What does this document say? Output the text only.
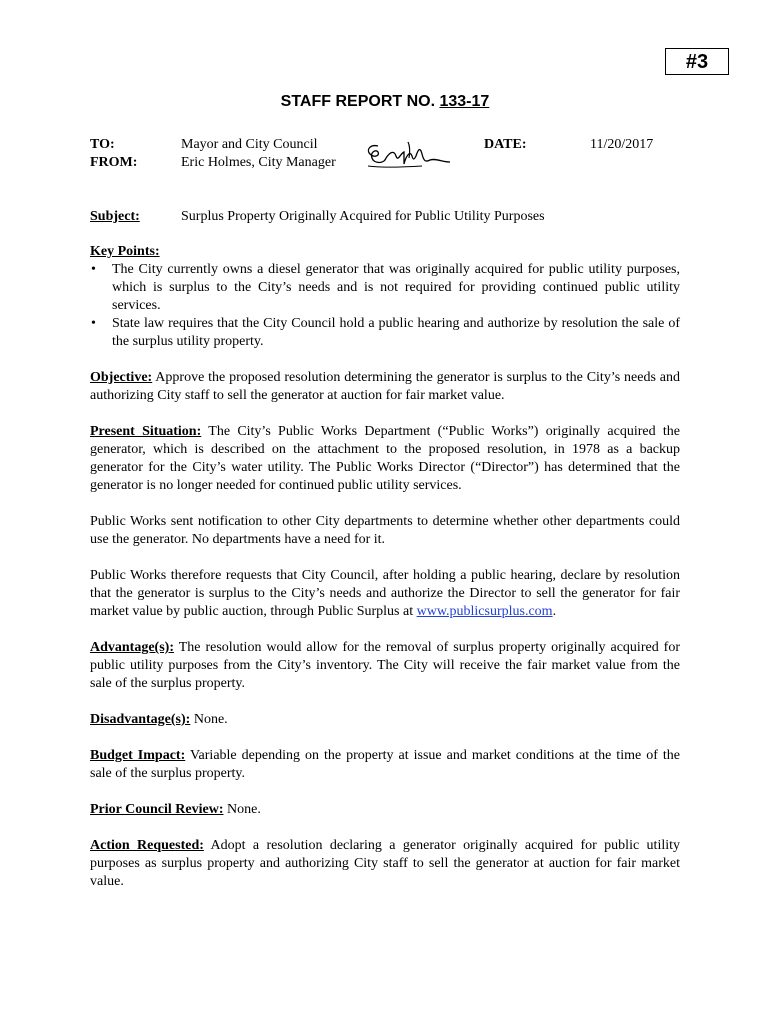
#3
STAFF REPORT NO. 133-17
TO:	Mayor and City Council
FROM:	Eric Holmes, City Manager
DATE:	11/20/2017
Subject:	Surplus Property Originally Acquired for Public Utility Purposes
Key Points:
• The City currently owns a diesel generator that was originally acquired for public utility purposes, which is surplus to the City’s needs and is not required for providing continued public utility services.
• State law requires that the City Council hold a public hearing and authorize by resolution the sale of the surplus utility property.

Objective: Approve the proposed resolution determining the generator is surplus to the City’s needs and authorizing City staff to sell the generator at auction for fair market value.

Present Situation: The City’s Public Works Department (“Public Works”) originally acquired the generator, which is described on the attachment to the proposed resolution, in 1978 as a backup generator for the City’s water utility. The Public Works Director (“Director”) has determined that the generator is no longer needed for continued public utility services.

Public Works sent notification to other City departments to determine whether other departments could use the generator. No departments have a need for it.

Public Works therefore requests that City Council, after holding a public hearing, declare by resolution that the generator is surplus to the City’s needs and authorize the Director to sell the generator for fair market value by public auction, through Public Surplus at www.publicsurplus.com.

Advantage(s): The resolution would allow for the removal of surplus property originally acquired for public utility purposes from the City’s inventory. The City will receive the fair market value from the sale of the surplus property.

Disadvantage(s): None.

Budget Impact: Variable depending on the property at issue and market conditions at the time of the sale of the surplus property.

Prior Council Review: None.

Action Requested: Adopt a resolution declaring a generator originally acquired for public utility purposes as surplus property and authorizing City staff to sell the generator at auction for fair market value.
